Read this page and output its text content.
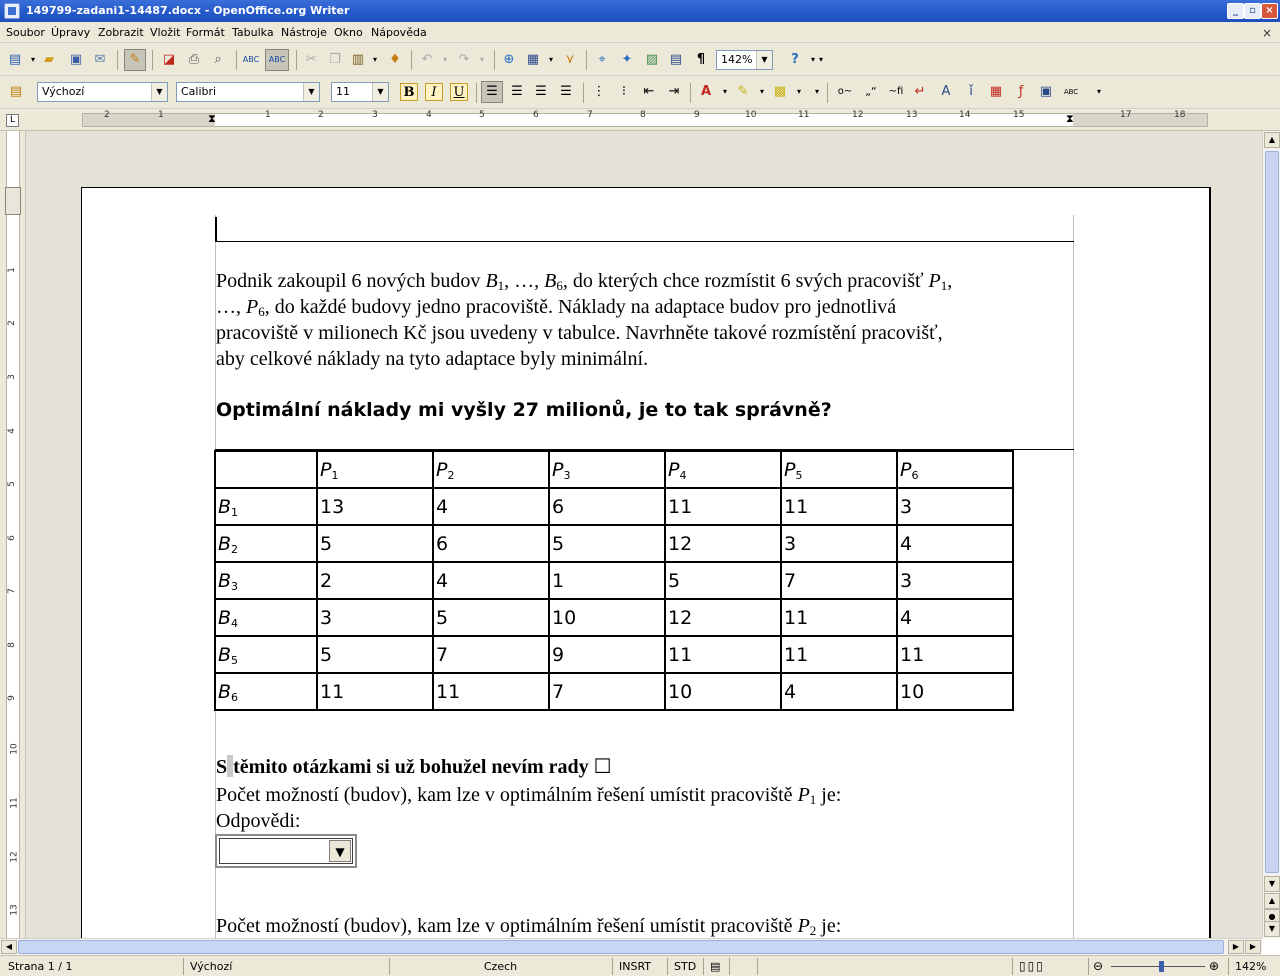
149799-zadani1-14487.docx - OpenOffice.org Writer	_	▫ ×
Soubor Úpravy Zobrazit Vložit Formát Tabulka Nástroje Okno Nápověda	×
▤	▾ ▰	▣ ✉	✎	◪ ⎙	⌕	ABC	ABC ✂ ❐ ▥	▾ ♦ ↶	▾ ↷	▾	⊕ ▦	▾ ⋎	⌖	✦ ▨ ▤	¶	142%	▼	?	▾ ▾
▤	Výchozí	▼	Calibri	▼	11	▼	B	I	U	☰	☰ ☰ ☰ ⋮	⁝	⇤ ⇥	A	▾ ✎	▾ ▩	▾	▾	o~ „“	~fi ↵	A	ǐ	▦	ƒ	▣	ABC	▾
L	2	1	⧗	1	2	3	4	5	6	7	8	9	10	11	12	13	14	15	⧗	17	18
1
2
3
4
5
6
7
8
9
10
11
12
13
Podnik zakoupil 6 nových budov $B_1$, …, $B_6$, do kterých chce rozmístit 6 svých pracovišť $P_1$,
…, $P_6$, do každé budovy jedno pracoviště. Náklady na adaptace budov pro jednotlivá
pracoviště v milionech Kč jsou uvedeny v tabulce. Navrhněte takové rozmístění pracovišť,
aby celkové náklady na tyto adaptace byly minimální.
Optimální náklady mi vyšly 27 milionů, je to tak správně?
	$P_1$	$P_2$	$P_3$	$P_4$	$P_5$	$P_6$
$B_1$	13	4	6	11	11	3
$B_2$	5	6	5	12	3	4
$B_3$	2	4	1	5	7	3
$B_4$	3	5	10	12	11	4
$B_5$	5	7	9	11	11	11
$B_6$	11	11	7	10	4	10
S těmito otázkami si už bohužel nevím rady ☐
Počet možností (budov), kam lze v optimálním řešení umístit pracoviště $P_1$ je:
Odpovědi:
▼
Počet možností (budov), kam lze v optimálním řešení umístit pracoviště $P_2$ je:
▲
▼
▲
●
▼
◀	▶	▶
Strana 1 / 1	Výchozí	Czech	INSRT	STD	▤	▯▯▯	⊖	⊕	142%
